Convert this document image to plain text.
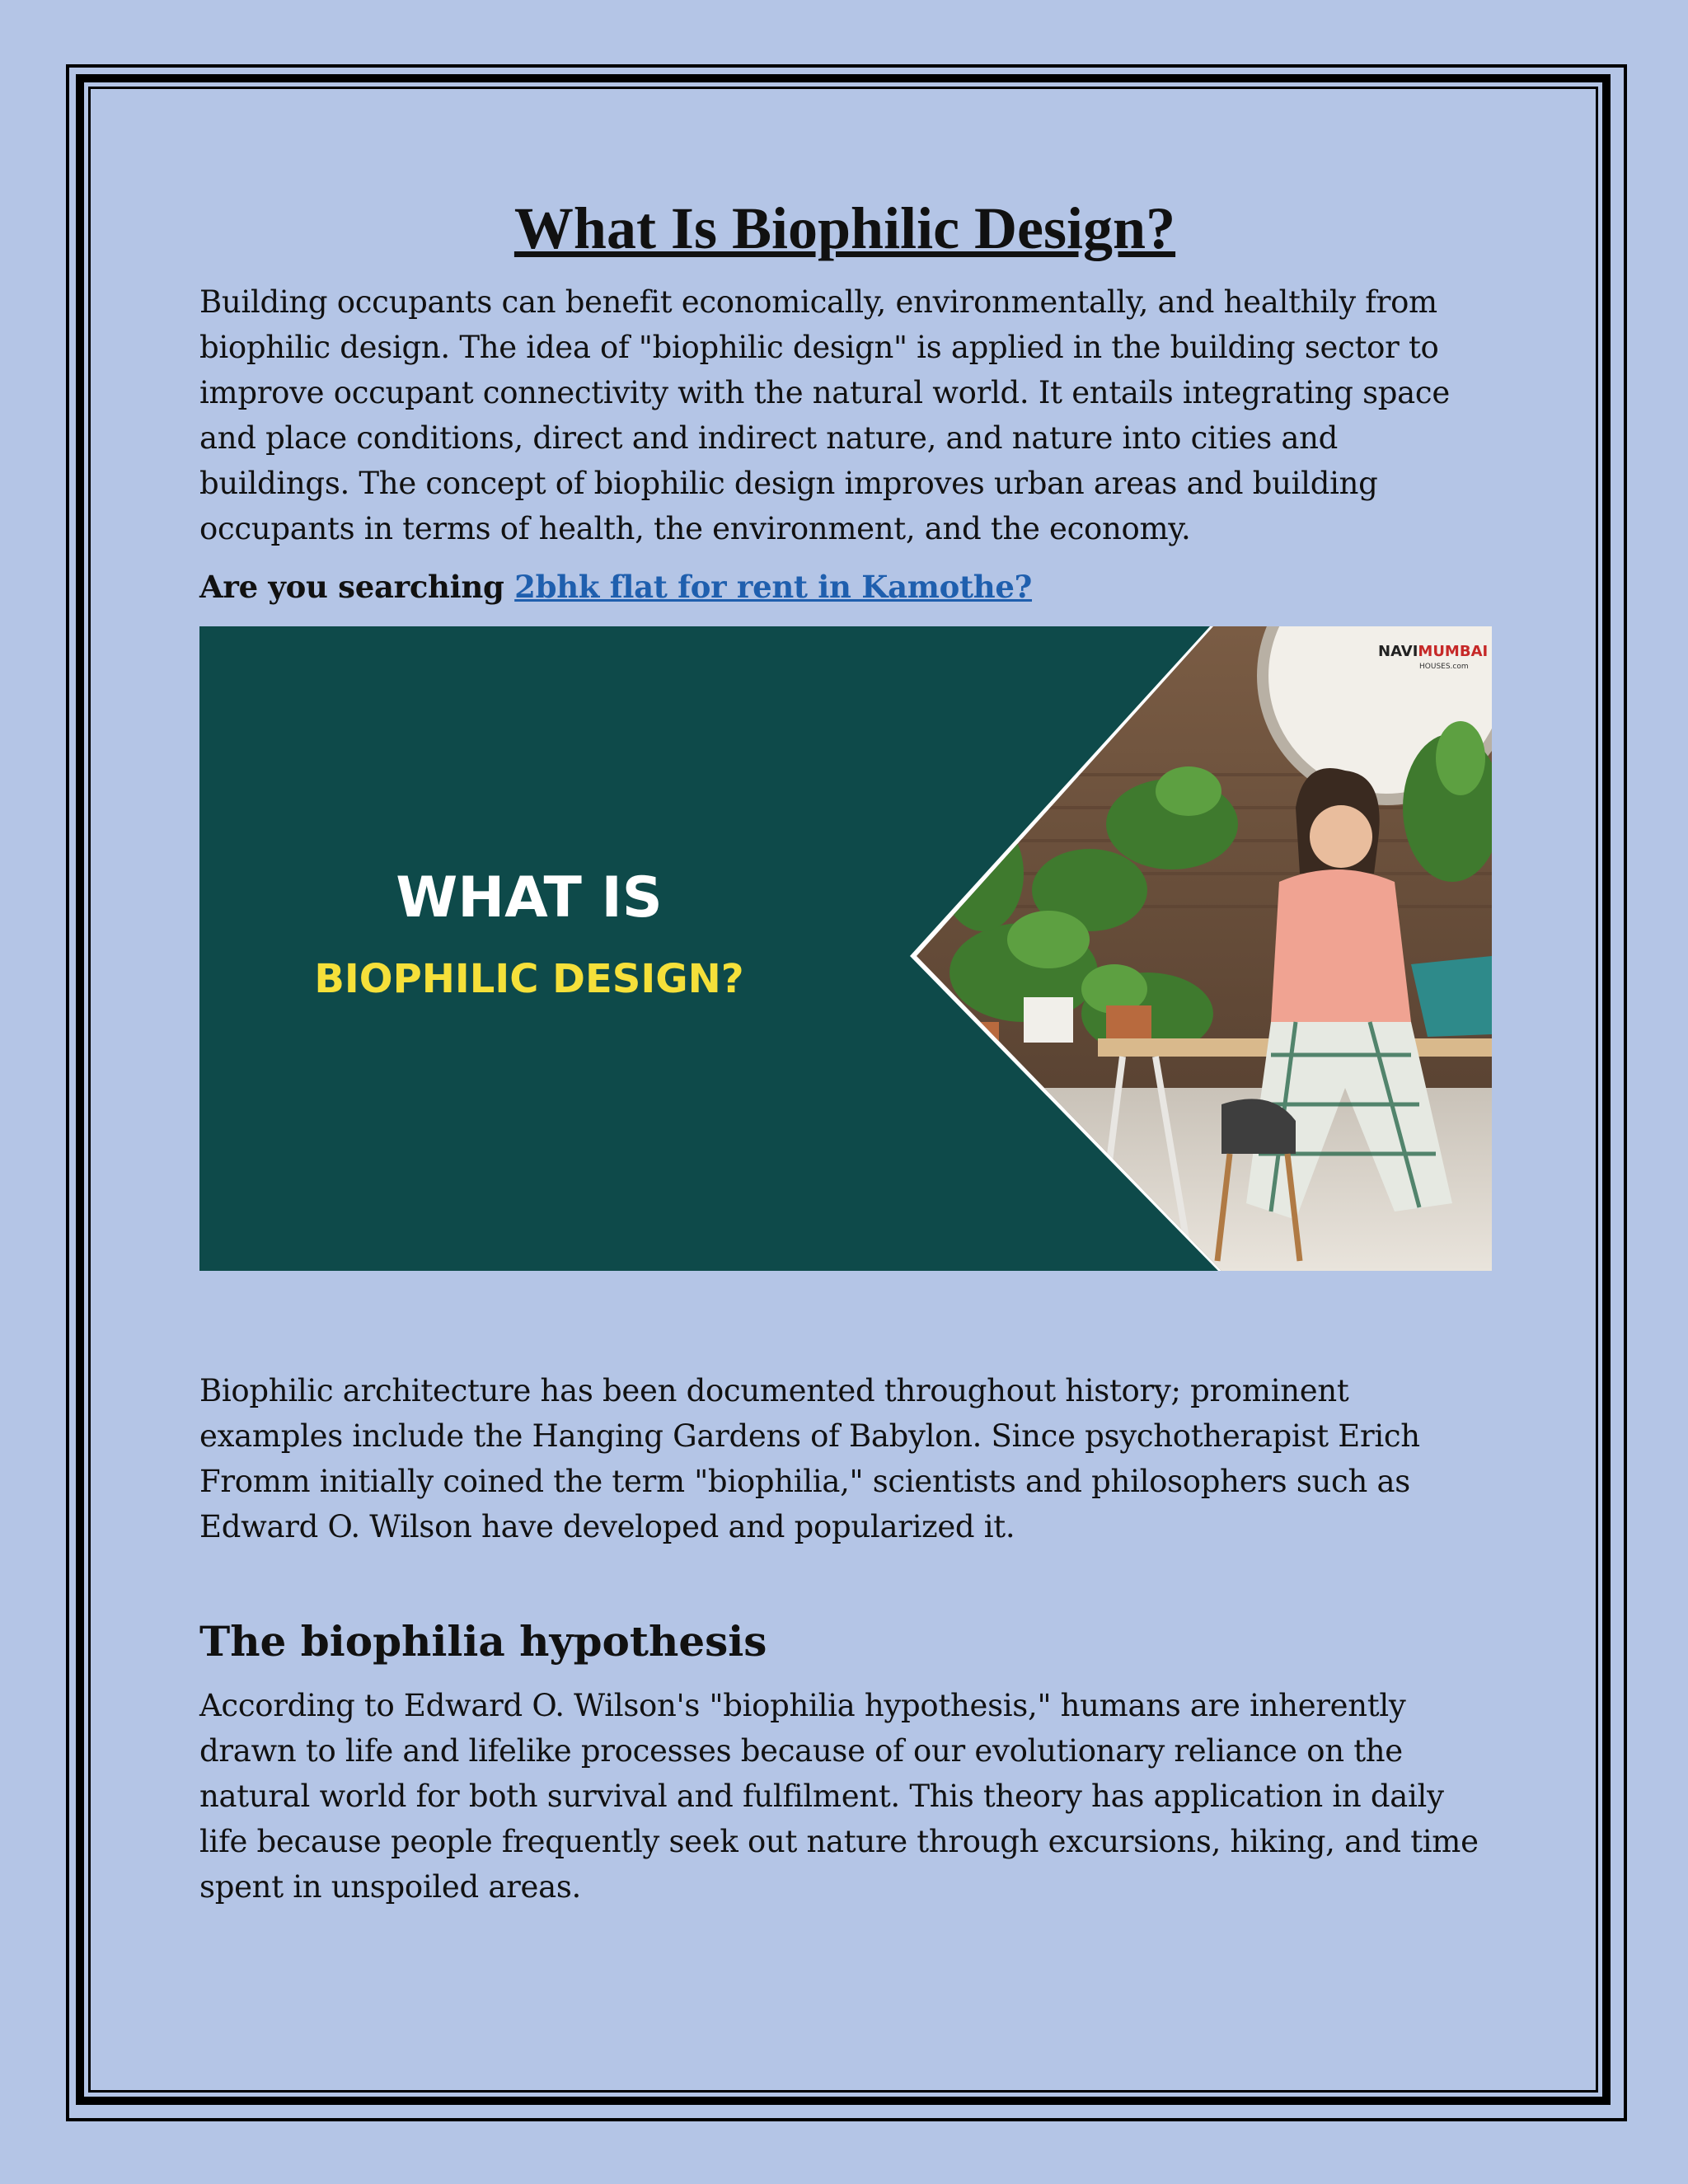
What Is Biophilic Design?

Building occupants can benefit economically, environmentally, and healthily from biophilic design. The idea of "biophilic design" is applied in the building sector to improve occupant connectivity with the natural world. It entails integrating space and place conditions, direct and indirect nature, and nature into cities and buildings. The concept of biophilic design improves urban areas and building occupants in terms of health, the environment, and the economy.

Are you searching 2bhk flat for rent in Kamothe?

WHAT IS
BIOPHILIC DESIGN?
NAVIMUMBAI
HOUSES.com

Biophilic architecture has been documented throughout history; prominent examples include the Hanging Gardens of Babylon. Since psychotherapist Erich Fromm initially coined the term "biophilia," scientists and philosophers such as Edward O. Wilson have developed and popularized it.

The biophilia hypothesis

According to Edward O. Wilson's "biophilia hypothesis," humans are inherently drawn to life and lifelike processes because of our evolutionary reliance on the natural world for both survival and fulfilment. This theory has application in daily life because people frequently seek out nature through excursions, hiking, and time spent in unspoiled areas.
